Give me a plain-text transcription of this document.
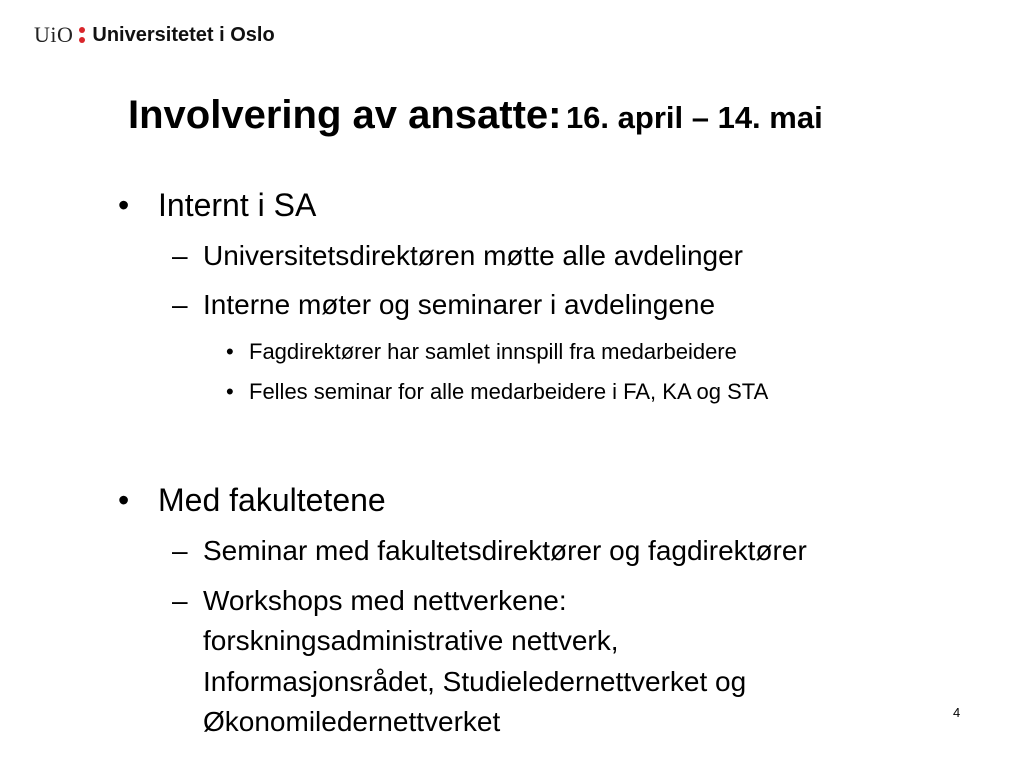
UiO Universitetet i Oslo
Involvering av ansatte: 16. april – 14. mai
• Internt i SA
– Universitetsdirektøren møtte alle avdelinger
– Interne møter og seminarer i avdelingene
• Fagdirektører har samlet innspill fra medarbeidere
• Felles seminar for alle medarbeidere i FA, KA og STA
• Med fakultetene
– Seminar med fakultetsdirektører og fagdirektører
– Workshops med nettverkene:
forskningsadministrative nettverk,
Informasjonsrådet, Studieledernettverket og
Økonomiledernettverket	4
